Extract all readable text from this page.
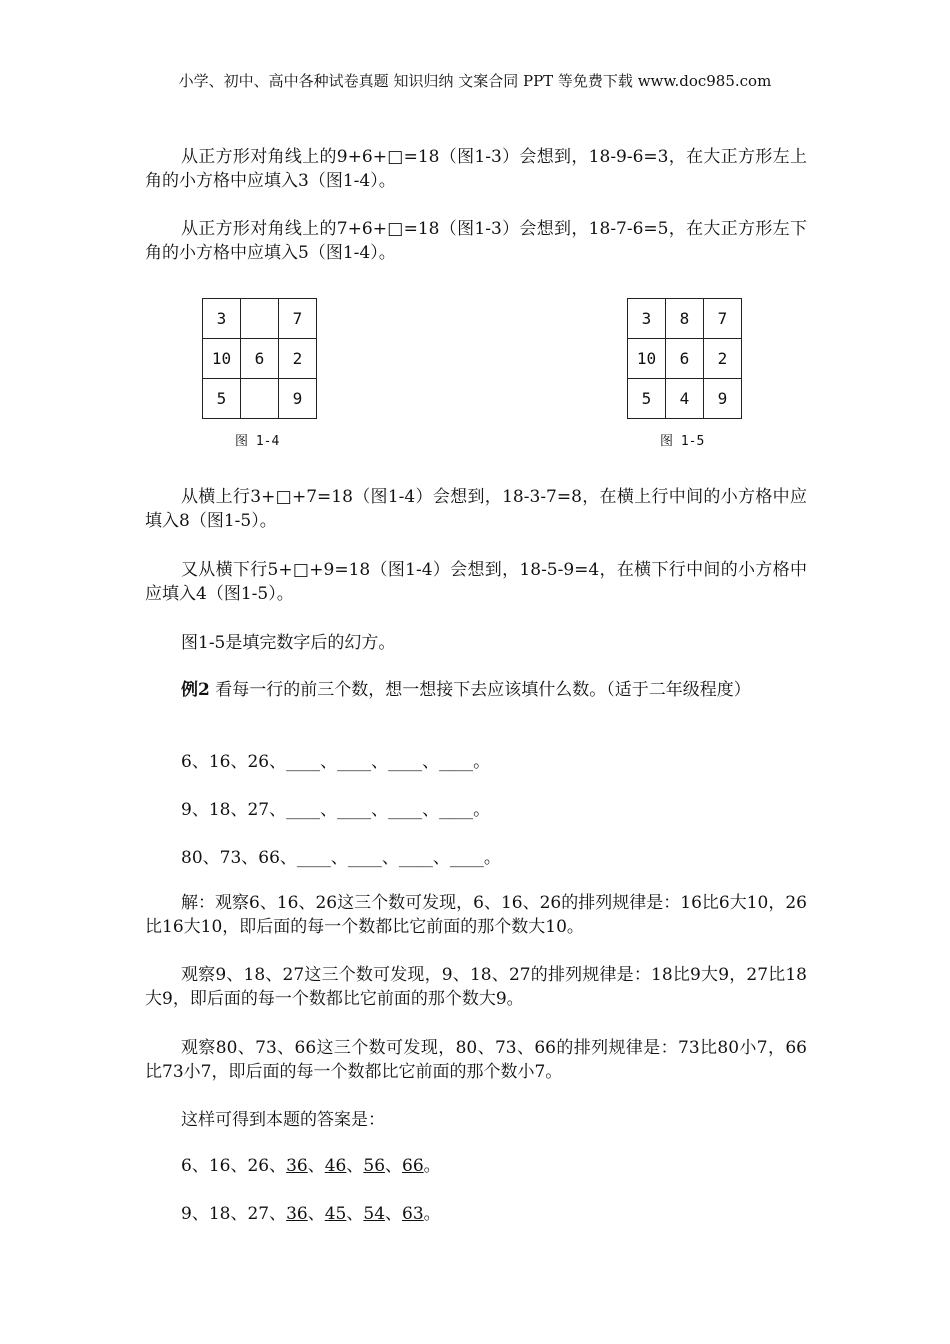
小学、初中、高中各种试卷真题 知识归纳 文案合同 PPT 等免费下载 www.doc985.com
从正方形对角线上的9+6+□=18（图1-3）会想到，18-9-6=3，在大正方形左上角的小方格中应填入3（图1-4）。
从正方形对角线上的7+6+□=18（图1-3）会想到，18-7-6=5，在大正方形左下角的小方格中应填入5（图1-4）。
3		7
10	6	2
5		9
图 1-4
3	8	7
10	6	2
5	4	9
图 1-5
从横上行3+□+7=18（图1-4）会想到，18-3-7=8，在横上行中间的小方格中应填入8（图1-5）。
又从横下行5+□+9=18（图1-4）会想到，18-5-9=4，在横下行中间的小方格中应填入4（图1-5）。
图1-5是填完数字后的幻方。
例2 看每一行的前三个数，想一想接下去应该填什么数。（适于二年级程度）
6、16、26、____、____、____、____。
9、18、27、____、____、____、____。
80、73、66、____、____、____、____。
解：观察6、16、26这三个数可发现，6、16、26的排列规律是：16比6大10，26比16大10，即后面的每一个数都比它前面的那个数大10。
观察9、18、27这三个数可发现，9、18、27的排列规律是：18比9大9，27比18大9，即后面的每一个数都比它前面的那个数大9。
观察80、73、66这三个数可发现，80、73、66的排列规律是：73比80小7，66比73小7，即后面的每一个数都比它前面的那个数小7。
这样可得到本题的答案是：
6、16、26、36、46、56、66。
9、18、27、36、45、54、63。
